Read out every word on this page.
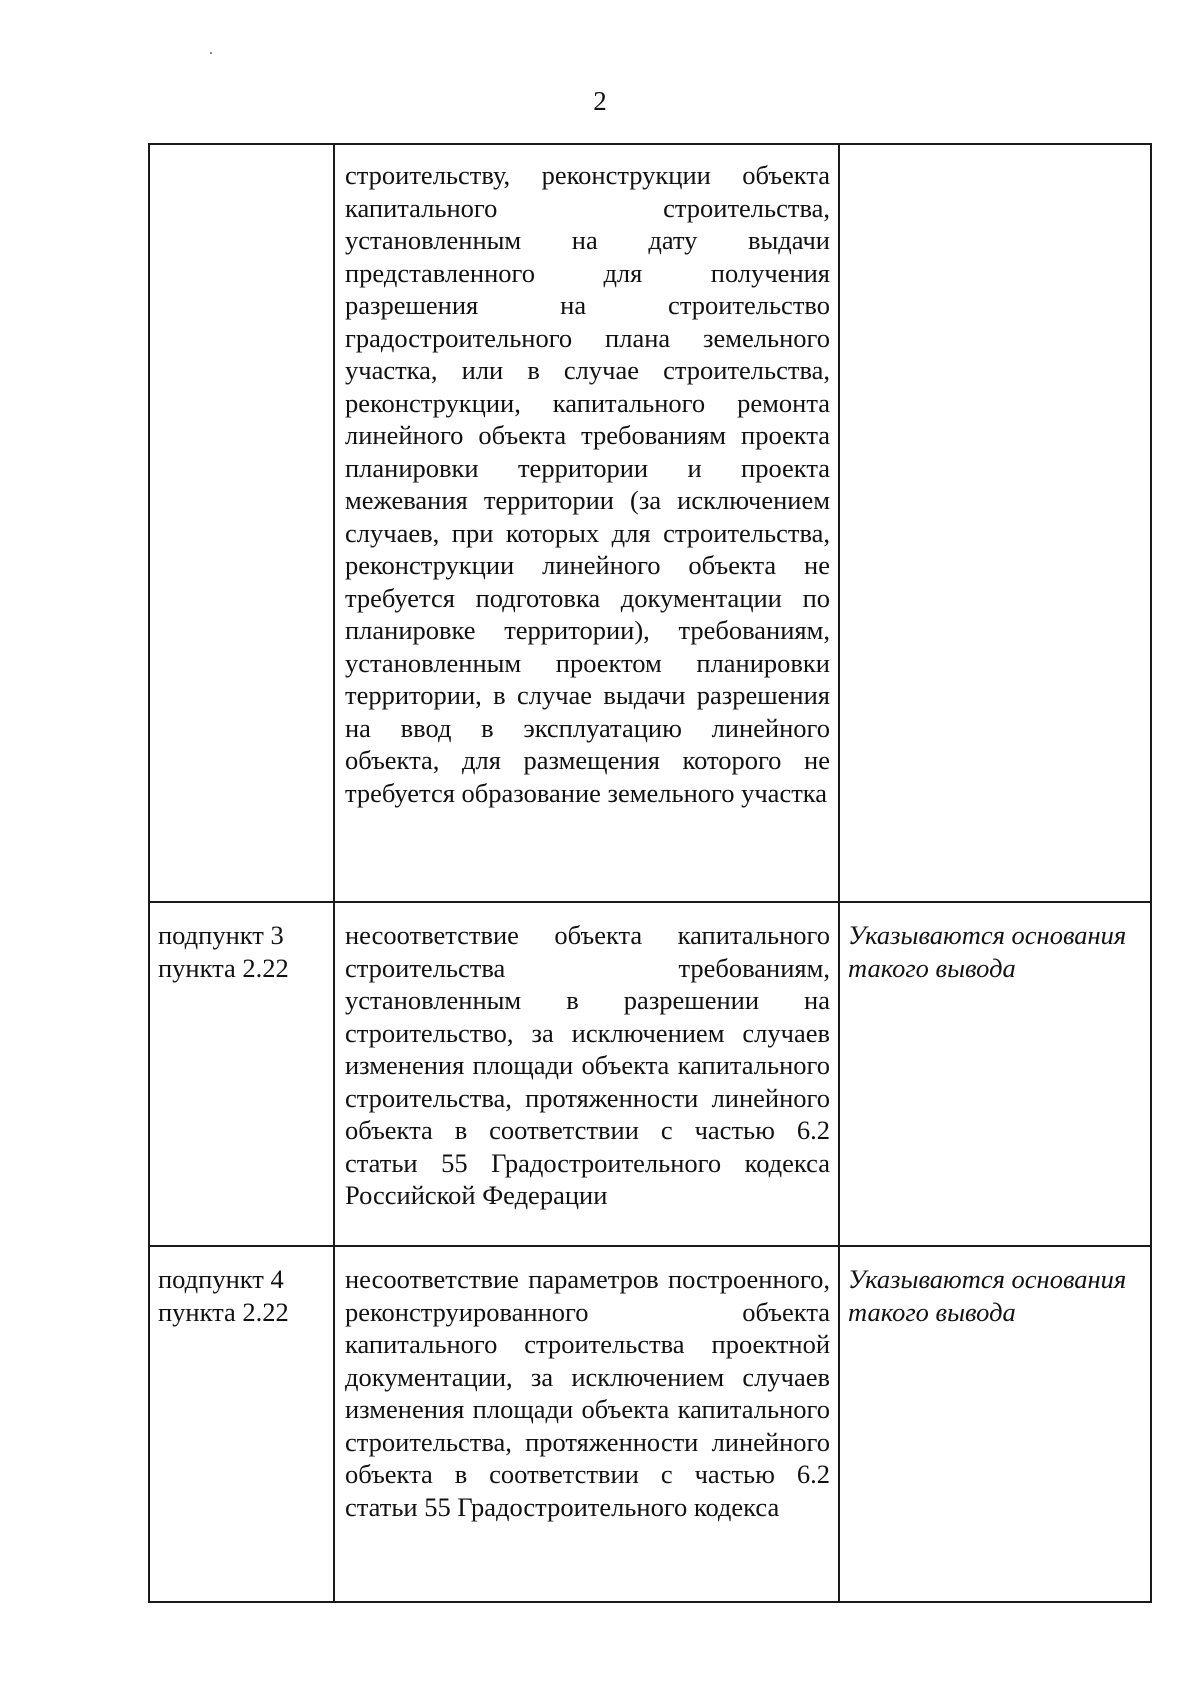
2
	строительству, реконструкции объекта капитального строительства, установленным на дату выдачи представленного для получения разрешения на строительство градостроительного плана земельного участка, или в случае строительства, реконструкции, капитального ремонта линейного объекта требованиям проекта планировки территории и проекта межевания территории (за исключением случаев, при которых для строительства, реконструкции линейного объекта не требуется подготовка документации по планировке территории), требованиям, установленным проектом планировки территории, в случае выдачи разрешения на ввод в эксплуатацию линейного объекта, для размещения которого не требуется образование земельного участка	
подпункт 3 пункта 2.22	несоответствие объекта капитального строительства требованиям, установленным в разрешении на строительство, за исключением случаев изменения площади объекта капитального строительства, протяженности линейного объекта в соответствии с частью 6.2 статьи 55 Градостроительного кодекса Российской Федерации	Указываются основания такого вывода
подпункт 4 пункта 2.22	несоответствие параметров построенного, реконструированного объекта капитального строительства проектной документации, за исключением случаев изменения площади объекта капитального строительства, протяженности линейного объекта в соответствии с частью 6.2 статьи 55 Градостроительного кодекса	Указываются основания такого вывода
